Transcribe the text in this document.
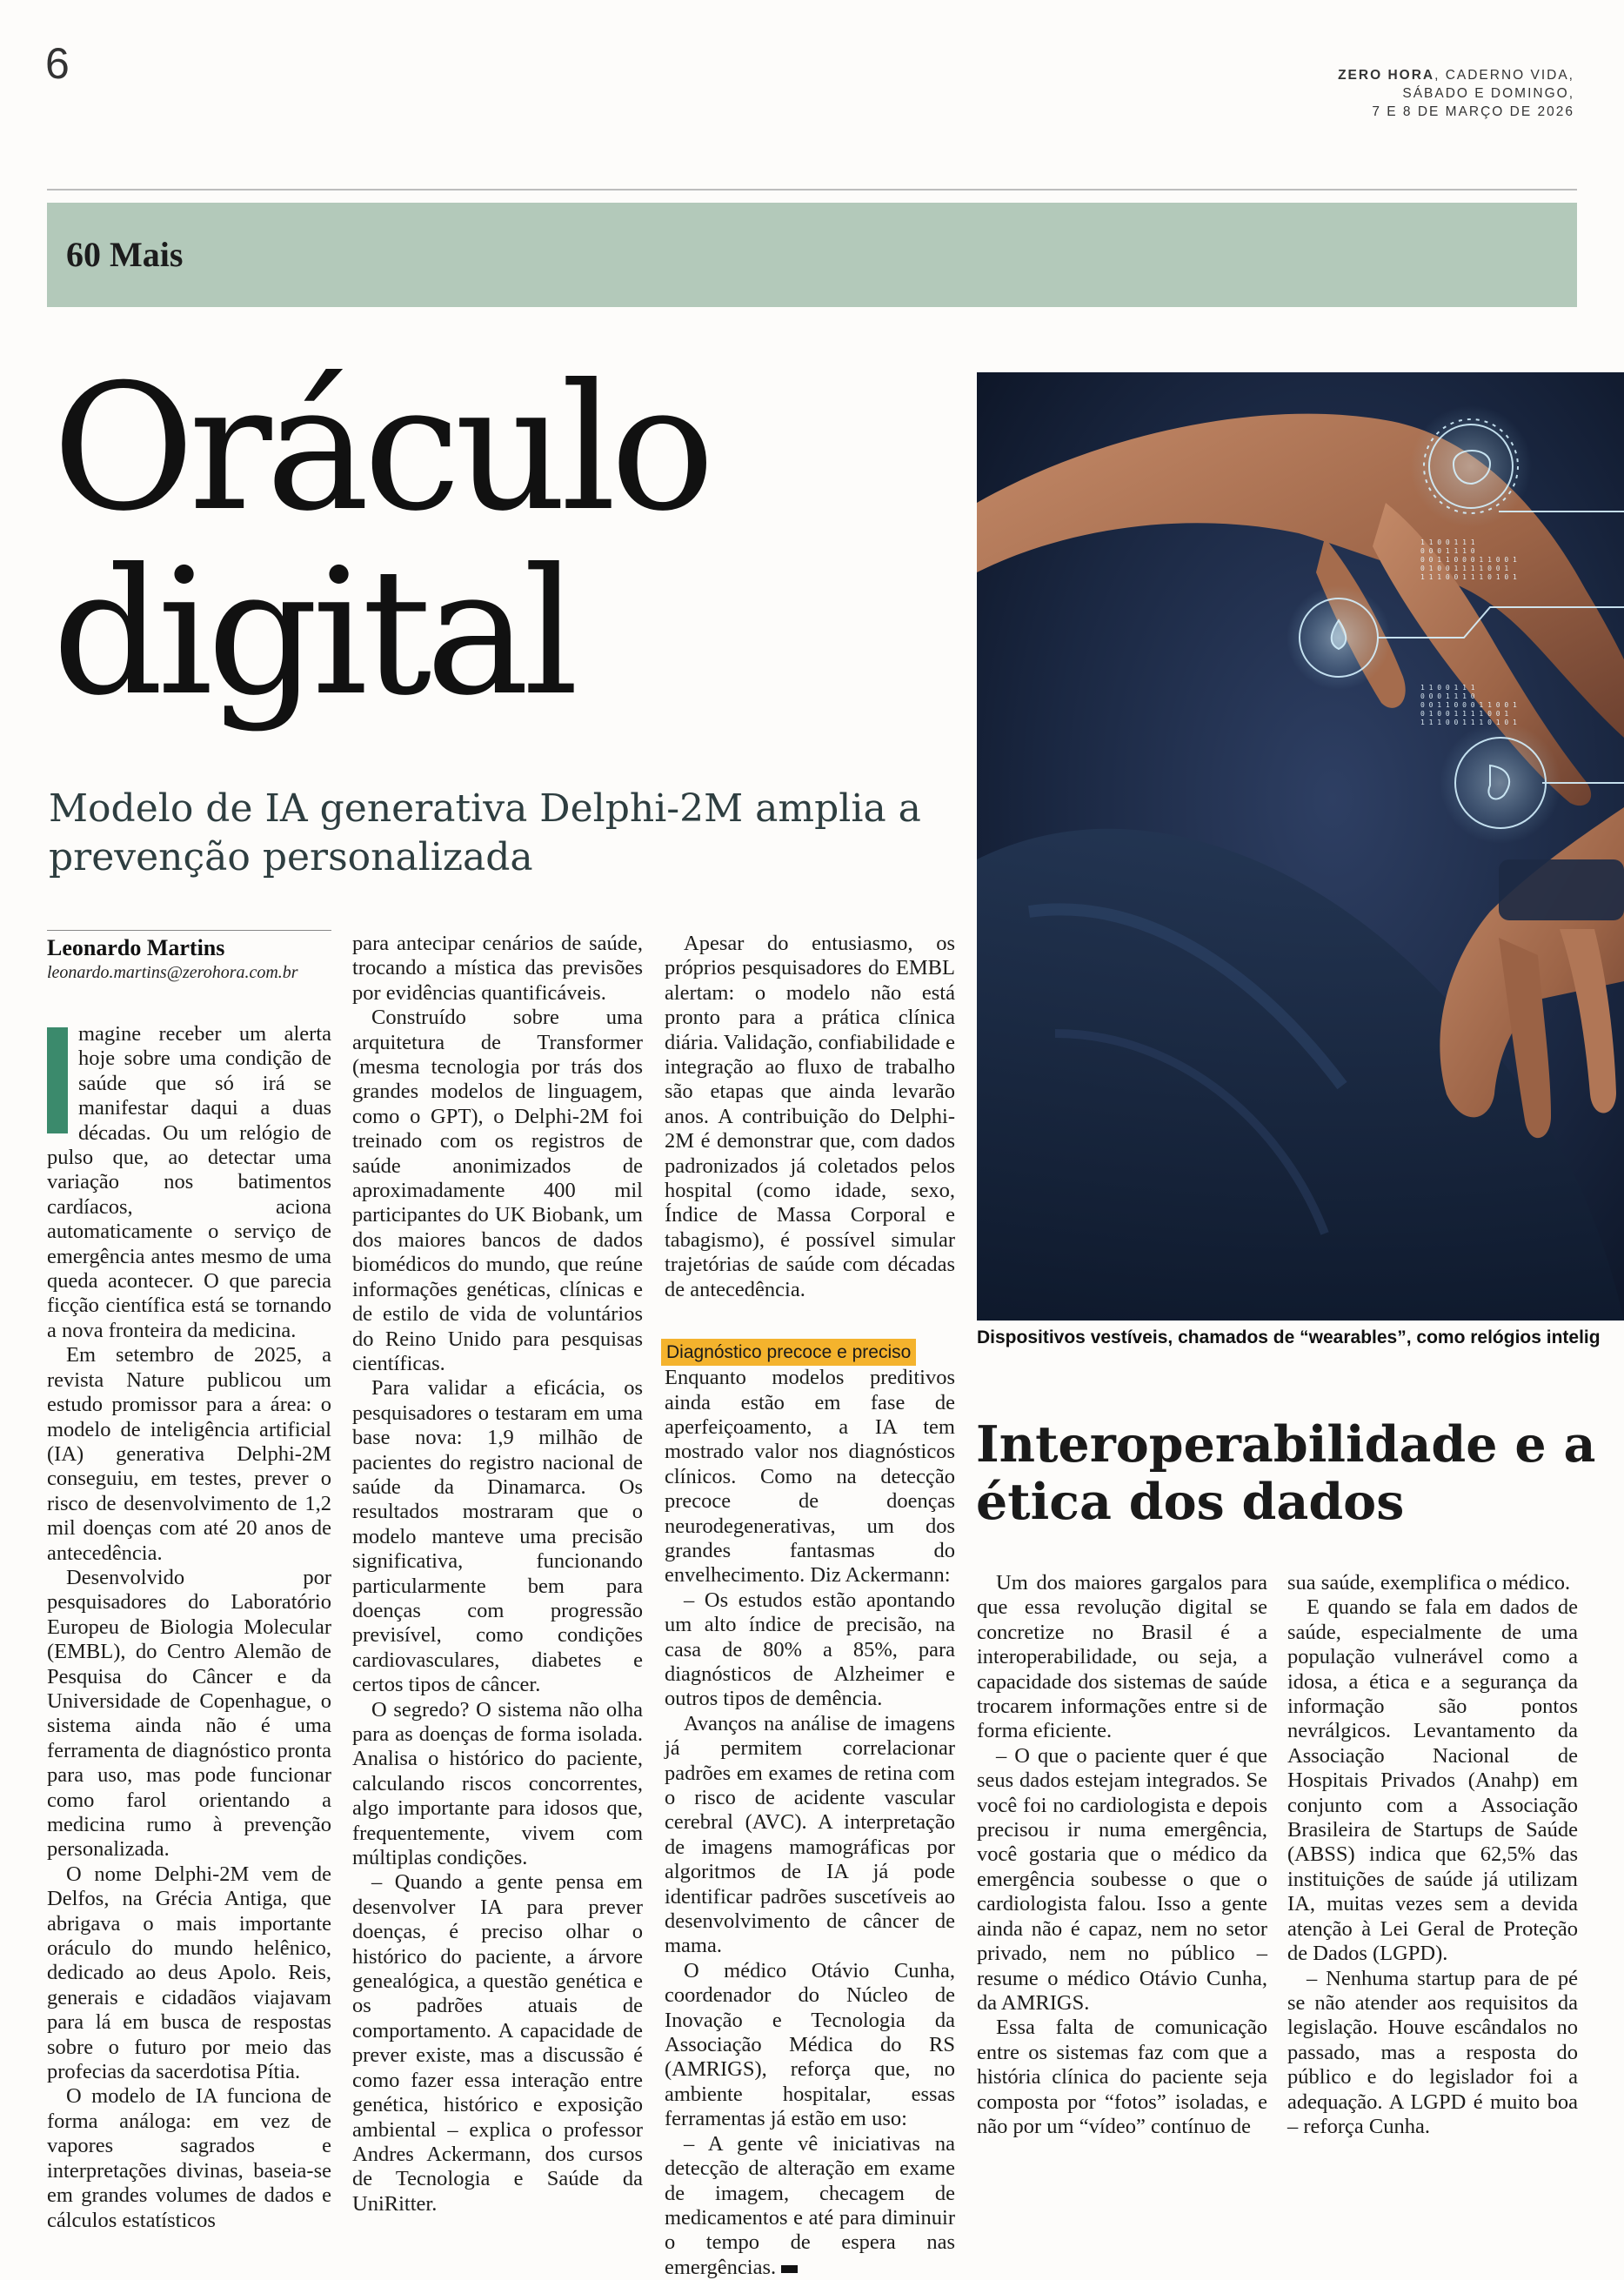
6	ZERO HORA, CADERNO VIDA,
SÁBADO E DOMINGO,
7 E 8 DE MARÇO DE 2026
60 Mais
Oráculo
digital
Modelo de IA generativa Delphi-2M amplia a prevenção personalizada
Leonardo Martins
leonardo.martins@zerohora.com.br

magine receber um alerta hoje sobre uma condição de saúde que só irá se manifestar daqui a duas décadas. Ou um relógio de pulso que, ao detectar uma variação nos batimentos cardíacos, aciona automaticamente o serviço de emergência antes mesmo de uma queda acontecer. O que parecia ficção científica está se tornando a nova fronteira da medicina.

Em setembro de 2025, a revista Nature publicou um estudo promissor para a área: o modelo de inteligência artificial (IA) generativa Delphi-2M conseguiu, em testes, prever o risco de desenvolvimento de 1,2 mil doenças com até 20 anos de antecedência.

Desenvolvido por pesquisadores do Laboratório Europeu de Biologia Molecular (EMBL), do Centro Alemão de Pesquisa do Câncer e da Universidade de Copenhague, o sistema ainda não é uma ferramenta de diagnóstico pronta para uso, mas pode funcionar como farol orientando a medicina rumo à prevenção personalizada.

O nome Delphi-2M vem de Delfos, na Grécia Antiga, que abrigava o mais importante oráculo do mundo helênico, dedicado ao deus Apolo. Reis, generais e cidadãos viajavam para lá em busca de respostas sobre o futuro por meio das profecias da sacerdotisa Pítia.

O modelo de IA funciona de forma análoga: em vez de vapores sagrados e interpretações divinas, baseia-se em grandes volumes de dados e cálculos estatísticos

para antecipar cenários de saúde, trocando a mística das previsões por evidências quantificáveis.

Construído sobre uma arquitetura de Transformer (mesma tecnologia por trás dos grandes modelos de linguagem, como o GPT), o Delphi-2M foi treinado com os registros de saúde anonimizados de aproximadamente 400 mil participantes do UK Biobank, um dos maiores bancos de dados biomédicos do mundo, que reúne informações genéticas, clínicas e de estilo de vida de voluntários do Reino Unido para pesquisas científicas.

Para validar a eficácia, os pesquisadores o testaram em uma base nova: 1,9 milhão de pacientes do registro nacional de saúde da Dinamarca. Os resultados mostraram que o modelo manteve uma precisão significativa, funcionando particularmente bem para doenças com progressão previsível, como condições cardiovasculares, diabetes e certos tipos de câncer.

O segredo? O sistema não olha para as doenças de forma isolada. Analisa o histórico do paciente, calculando riscos concorrentes, algo importante para idosos que, frequentemente, vivem com múltiplas condições.

– Quando a gente pensa em desenvolver IA para prever doenças, é preciso olhar o histórico do paciente, a árvore genealógica, a questão genética e os padrões atuais de comportamento. A capacidade de prever existe, mas a discussão é como fazer essa interação entre genética, histórico e exposição ambiental – explica o professor Andres Ackermann, dos cursos de Tecnologia e Saúde da UniRitter.

Apesar do entusiasmo, os próprios pesquisadores do EMBL alertam: o modelo não está pronto para a prática clínica diária. Validação, confiabilidade e integração ao fluxo de trabalho são etapas que ainda levarão anos. A contribuição do Delphi-2M é demonstrar que, com dados padronizados já coletados pelos hospital (como idade, sexo, Índice de Massa Corporal e tabagismo), é possível simular trajetórias de saúde com décadas de antecedência.

Diagnóstico precoce e preciso

Enquanto modelos preditivos ainda estão em fase de aperfeiçoamento, a IA tem mostrado valor nos diagnósticos clínicos. Como na detecção precoce de doenças neurodegenerativas, um dos grandes fantasmas do envelhecimento. Diz Ackermann:

– Os estudos estão apontando um alto índice de precisão, na casa de 80% a 85%, para diagnósticos de Alzheimer e outros tipos de demência.

Avanços na análise de imagens já permitem correlacionar padrões em exames de retina com o risco de acidente vascular cerebral (AVC). A interpretação de imagens mamográficas por algoritmos de IA já pode identificar padrões suscetíveis ao desenvolvimento de câncer de mama.

O médico Otávio Cunha, coordenador do Núcleo de Inovação e Tecnologia da Associação Médica do RS (AMRIGS), reforça que, no ambiente hospitalar, essas ferramentas já estão em uso:

– A gente vê iniciativas na detecção de alteração em exame de imagem, checagem de medicamentos e até para diminuir o tempo de espera nas emergências.

1 1 0 0 1 1 1
0 0 0 1 1 1 0
0 0 1 1 0 0 0 1 1 0 0 1
0 1 0 0 1 1 1 1 0 0 1
1 1 1 0 0 1 1 1 0 1 0 1
1 1 0 0 1 1 1
0 0 0 1 1 1 0
0 0 1 1 0 0 0 1 1 0 0 1
0 1 0 0 1 1 1 1 0 0 1
1 1 1 0 0 1 1 1 0 1 0 1
Dispositivos vestíveis, chamados de “wearables”, como relógios intelig
Interoperabilidade e a ética dos dados

Um dos maiores gargalos para que essa revolução digital se concretize no Brasil é a interoperabilidade, ou seja, a capacidade dos sistemas de saúde trocarem informações entre si de forma eficiente.

– O que o paciente quer é que seus dados estejam integrados. Se você foi no cardiologista e depois precisou ir numa emergência, você gostaria que o médico da emergência soubesse o que o cardiologista falou. Isso a gente ainda não é capaz, nem no setor privado, nem no público – resume o médico Otávio Cunha, da AMRIGS.

Essa falta de comunicação entre os sistemas faz com que a história clínica do paciente seja composta por “fotos” isoladas, e não por um “vídeo” contínuo de

sua saúde, exemplifica o médico.

E quando se fala em dados de saúde, especialmente de uma população vulnerável como a idosa, a ética e a segurança da informação são pontos nevrálgicos. Levantamento da Associação Nacional de Hospitais Privados (Anahp) em conjunto com a Associação Brasileira de Startups de Saúde (ABSS) indica que 62,5% das instituições de saúde já utilizam IA, muitas vezes sem a devida atenção à Lei Geral de Proteção de Dados (LGPD).

– Nenhuma startup para de pé se não atender aos requisitos da legislação. Houve escândalos no passado, mas a resposta do público e do legislador foi a adequação. A LGPD é muito boa – reforça Cunha.
